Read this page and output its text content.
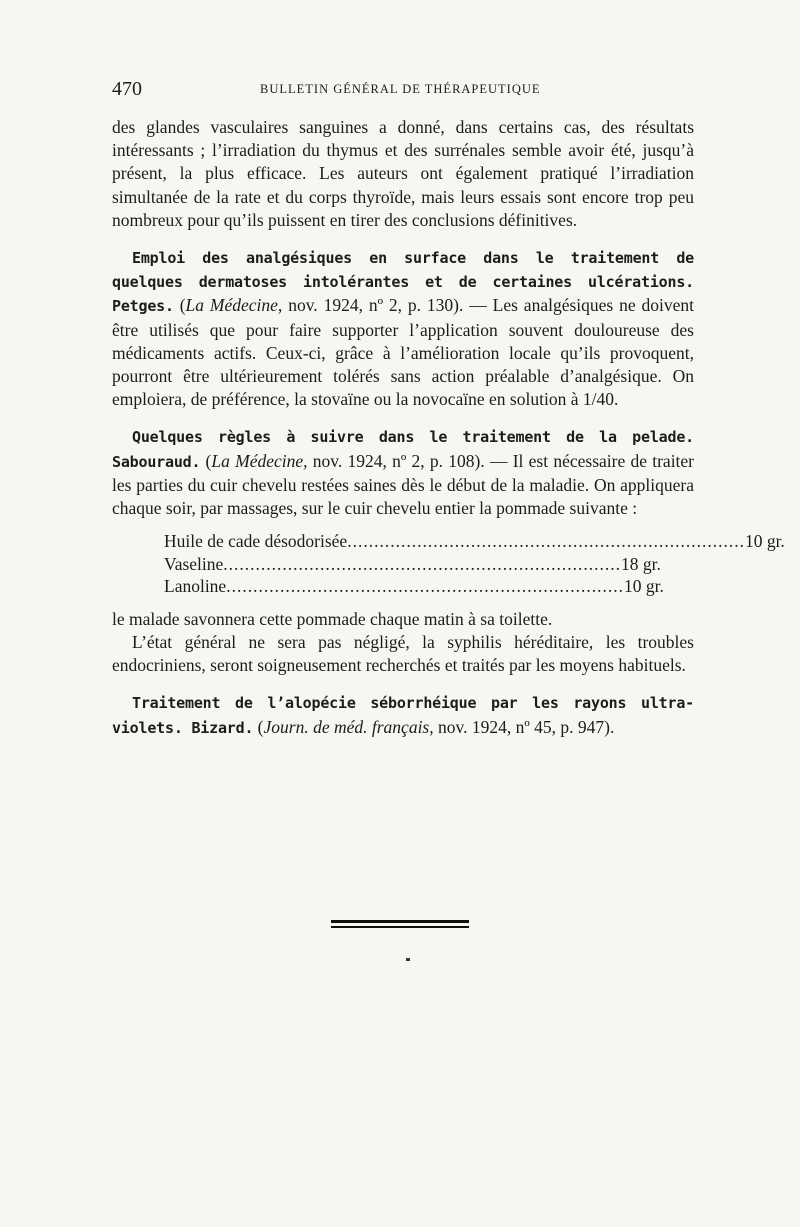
470	BULLETIN GÉNÉRAL DE THÉRAPEUTIQUE

des glandes vasculaires sanguines a donné, dans certains cas, des résultats intéressants ; l’irradiation du thymus et des surrénales semble avoir été, jusqu’à présent, la plus efficace. Les auteurs ont également pratiqué l’irradiation simultanée de la rate et du corps thyroïde, mais leurs essais sont encore trop peu nombreux pour qu’ils puissent en tirer des conclusions définitives.

Emploi des analgésiques en surface dans le traitement de quelques dermatoses intolérantes et de certaines ulcérations. Petges. (La Médecine, nov. 1924, nº 2, p. 130). — Les analgésiques ne doivent être utilisés que pour faire supporter l’application souvent douloureuse des médicaments actifs. Ceux-ci, grâce à l’amélioration locale qu’ils provoquent, pourront être ultérieurement tolérés sans action préalable d’analgésique. On emploiera, de préférence, la stovaïne ou la novocaïne en solution à 1/40.

Quelques règles à suivre dans le traitement de la pelade. Sabouraud. (La Médecine, nov. 1924, nº 2, p. 108). — Il est nécessaire de traiter les parties du cuir chevelu restées saines dès le début de la maladie. On appliquera chaque soir, par massages, sur le cuir chevelu entier la pommade suivante :

Huile de cade désodorisée .......................................................................... 10 gr.
Vaseline .......................................................................... 18 gr.
Lanoline .......................................................................... 10 gr.

le malade savonnera cette pommade chaque matin à sa toilette.

L’état général ne sera pas négligé, la syphilis héréditaire, les troubles endocriniens, seront soigneusement recherchés et traités par les moyens habituels.

Traitement de l’alopécie séborrhéique par les rayons ultra-violets. Bizard. (Journ. de méd. français, nov. 1924, nº 45, p. 947).
